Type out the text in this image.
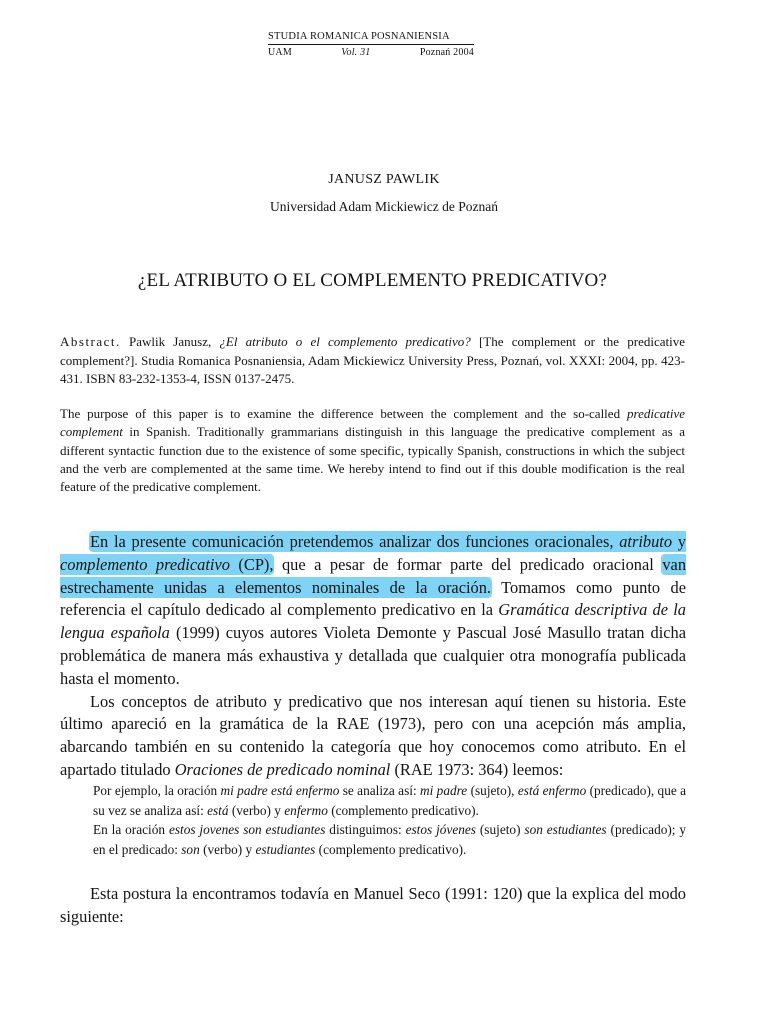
STUDIA ROMANICA POSNANIENSIA
UAM	Vol. 31	Poznań 2004
JANUSZ PAWLIK
Universidad Adam Mickiewicz de Poznań
¿EL ATRIBUTO O EL COMPLEMENTO PREDICATIVO?
Abstract. Pawlik Janusz, ¿El atributo o el complemento predicativo? [The complement or the predicative complement?]. Studia Romanica Posnaniensia, Adam Mickiewicz University Press, Poznań, vol. XXXI: 2004, pp. 423-431. ISBN 83-232-1353-4, ISSN 0137-2475.
The purpose of this paper is to examine the difference between the complement and the so-called predicative complement in Spanish. Traditionally grammarians distinguish in this language the predicative complement as a different syntactic function due to the existence of some specific, typically Spanish, constructions in which the subject and the verb are complemented at the same time. We hereby intend to find out if this double modification is the real feature of the predicative complement.

En la presente comunicación pretendemos analizar dos funciones oracionales, atributo y complemento predicativo (CP), que a pesar de formar parte del predicado oracional van estrechamente unidas a elementos nominales de la oración. Tomamos como punto de referencia el capítulo dedicado al complemento predicativo en la Gramática descriptiva de la lengua española (1999) cuyos autores Violeta Demonte y Pascual José Masullo tratan dicha problemática de manera más exhaustiva y detallada que cualquier otra monografía publicada hasta el momento.

Los conceptos de atributo y predicativo que nos interesan aquí tienen su historia. Este último apareció en la gramática de la RAE (1973), pero con una acepción más amplia, abarcando también en su contenido la categoría que hoy conocemos como atributo. En el apartado titulado Oraciones de predicado nominal (RAE 1973: 364) leemos:

Por ejemplo, la oración mi padre está enfermo se analiza así: mi padre (sujeto), está enfermo (predicado), que a su vez se analiza así: está (verbo) y enfermo (complemento predicativo).

En la oración estos jovenes son estudiantes distinguimos: estos jóvenes (sujeto) son estudiantes (predicado); y en el predicado: son (verbo) y estudiantes (complemento predicativo).

Esta postura la encontramos todavía en Manuel Seco (1991: 120) que la explica del modo siguiente:
